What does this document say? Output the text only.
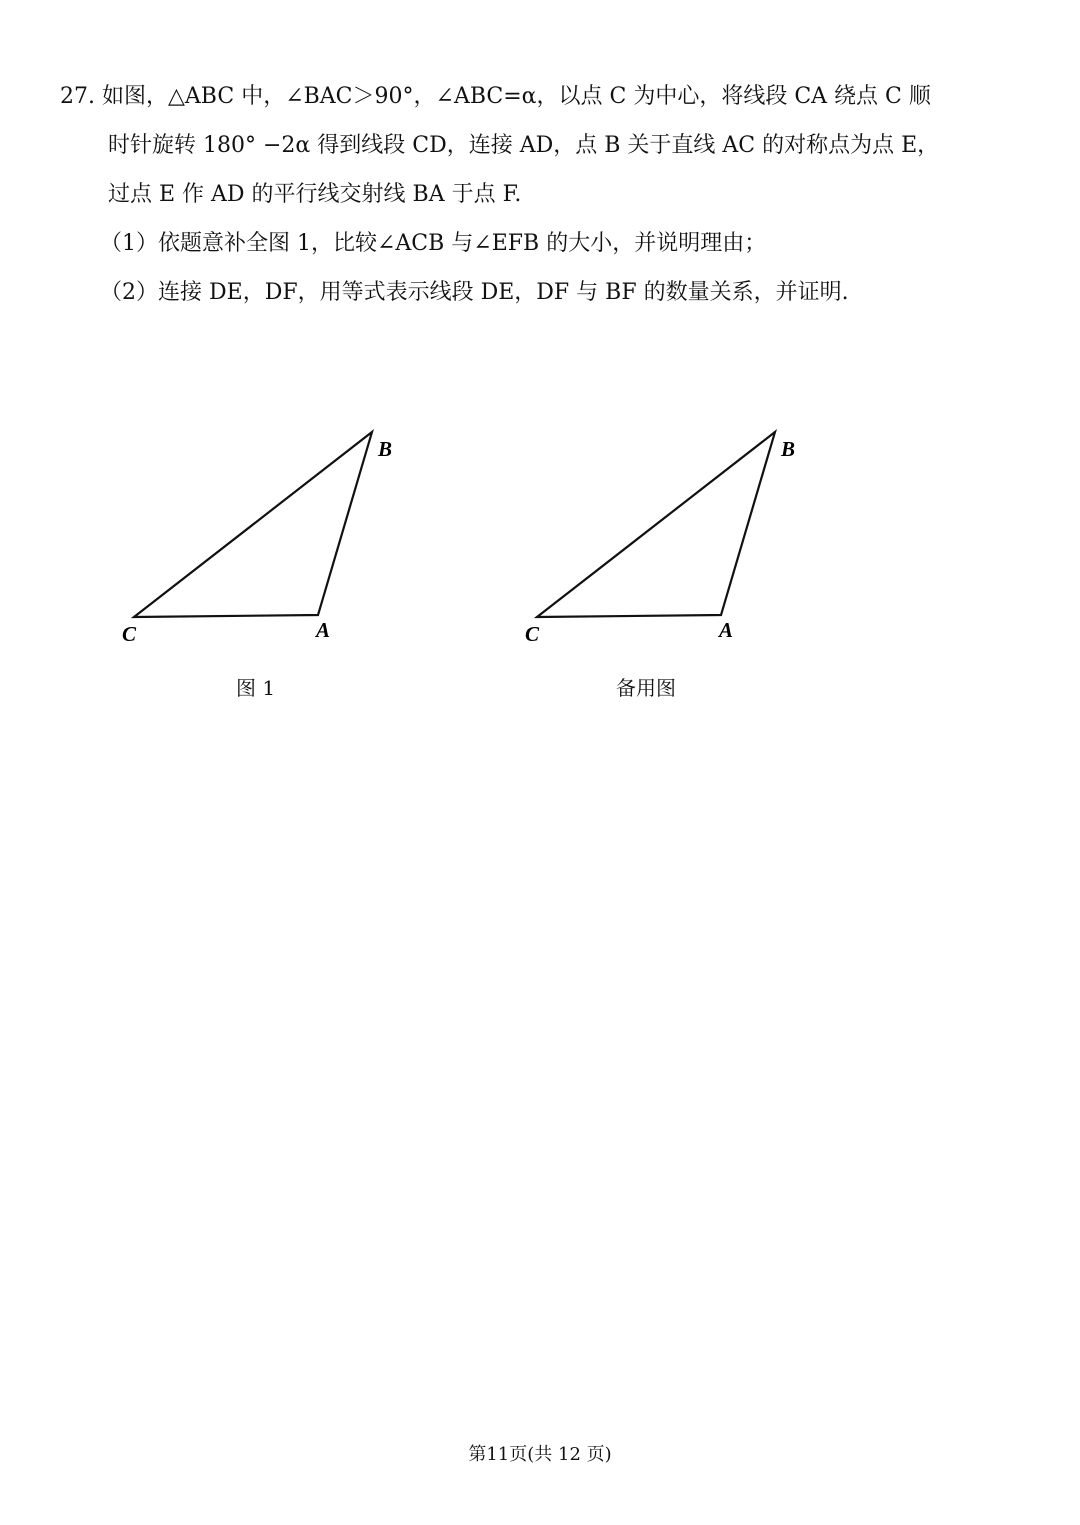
27. 如图，△ABC 中，∠BAC＞90°，∠ABC=α，以点 C 为中心，将线段 CA 绕点 C 顺
时针旋转 180° −2α 得到线段 CD，连接 AD，点 B 关于直线 AC 的对称点为点 E，
过点 E 作 AD 的平行线交射线 BA 于点 F.
（1）依题意补全图 1，比较∠ACB 与∠EFB 的大小，并说明理由；
（2）连接 DE，DF，用等式表示线段 DE，DF 与 BF 的数量关系，并证明.
B
C	A
B
C	A
图 1	备用图
第11页(共 12 页)
